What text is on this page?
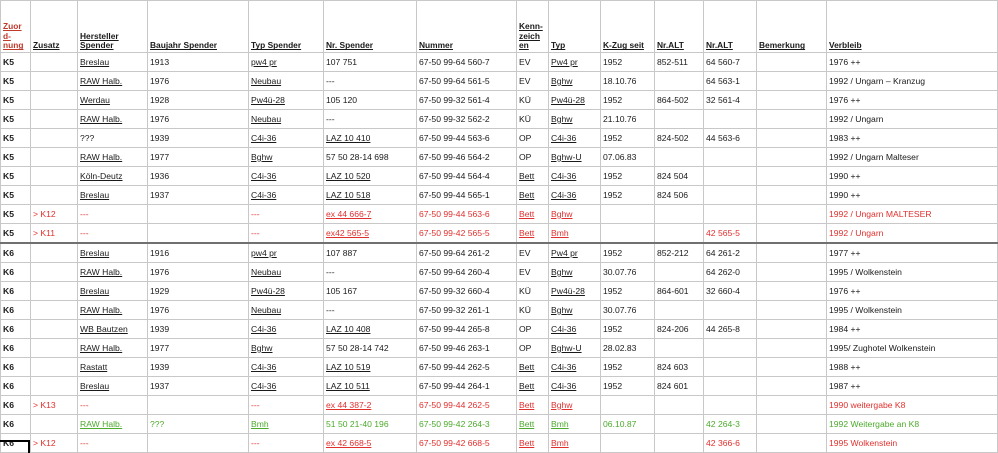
Zuor d-nung	Zusatz	Hersteller Spender	Baujahr Spender	Typ Spender	Nr. Spender	Nummer	Kenn-zeich en	Typ	K-Zug seit	Nr.ALT	Nr.ALT	Bemerkung	Verbleib
K5		Breslau	1913	pw4 pr	107 751	67-50 99-64 560-7	EV	Pw4 pr	1952	852-511	64 560-7		1976 ++
K5		RAW Halb.	1976	Neubau	---	67-50 99-64 561-5	EV	Bghw	18.10.76		64 563-1		1992 / Ungarn – Kranzug
K5		Werdau	1928	Pw4ü-28	105 120	67-50 99-32 561-4	KÜ	Pw4ü-28	1952	864-502	32 561-4		1976 ++
K5		RAW Halb.	1976	Neubau	---	67-50 99-32 562-2	KÜ	Bghw	21.10.76				1992 / Ungarn
K5		???	1939	C4i-36	LAZ 10 410	67-50 99-44 563-6	OP	C4i-36	1952	824-502	44 563-6		1983 ++
K5		RAW Halb.	1977	Bghw	57 50 28-14 698	67-50 99-46 564-2	OP	Bghw-U	07.06.83				1992 / Ungarn Malteser
K5		Köln-Deutz	1936	C4i-36	LAZ 10 520	67-50 99-44 564-4	Bett	C4i-36	1952	824 504			1990 ++
K5		Breslau	1937	C4i-36	LAZ 10 518	67-50 99-44 565-1	Bett	C4i-36	1952	824 506			1990 ++
K5	> K12	---		---	ex 44 666-7	67-50 99-44 563-6	Bett	Bghw					1992 / Ungarn MALTESER
K5	> K11	---		---	ex42 565-5	67-50 99-42 565-5	Bett	Bmh			42 565-5		1992 / Ungarn
K6		Breslau	1916	pw4 pr	107 887	67-50 99-64 261-2	EV	Pw4 pr	1952	852-212	64 261-2		1977 ++
K6		RAW Halb.	1976	Neubau	---	67-50 99-64 260-4	EV	Bghw	30.07.76		64 262-0		1995 / Wolkenstein
K6		Breslau	1929	Pw4ü-28	105 167	67-50 99-32 660-4	KÜ	Pw4ü-28	1952	864-601	32 660-4		1976 ++
K6		RAW Halb.	1976	Neubau	---	67-50 99-32 261-1	KÜ	Bghw	30.07.76				1995 / Wolkenstein
K6		WB Bautzen	1939	C4i-36	LAZ 10 408	67-50 99-44 265-8	OP	C4i-36	1952	824-206	44 265-8		1984 ++
K6		RAW Halb.	1977	Bghw	57 50 28-14 742	67-50 99-46 263-1	OP	Bghw-U	28.02.83				1995/ Zughotel Wolkenstein
K6		Rastatt	1939	C4i-36	LAZ 10 519	67-50 99-44 262-5	Bett	C4i-36	1952	824 603			1988 ++
K6		Breslau	1937	C4i-36	LAZ 10 511	67-50 99-44 264-1	Bett	C4i-36	1952	824 601			1987 ++
K6	> K13	---		---	ex 44 387-2	67-50 99-44 262-5	Bett	Bghw					1990 weitergabe K8
K6		RAW Halb.	???	Bmh	51 50 21-40 196	67-50 99-42 264-3	Bett	Bmh	06.10.87		42 264-3		1992 Weitergabe an K8
K6	> K12	---		---	ex 42 668-5	67-50 99-42 668-5	Bett	Bmh			42 366-6		1995 Wolkenstein
